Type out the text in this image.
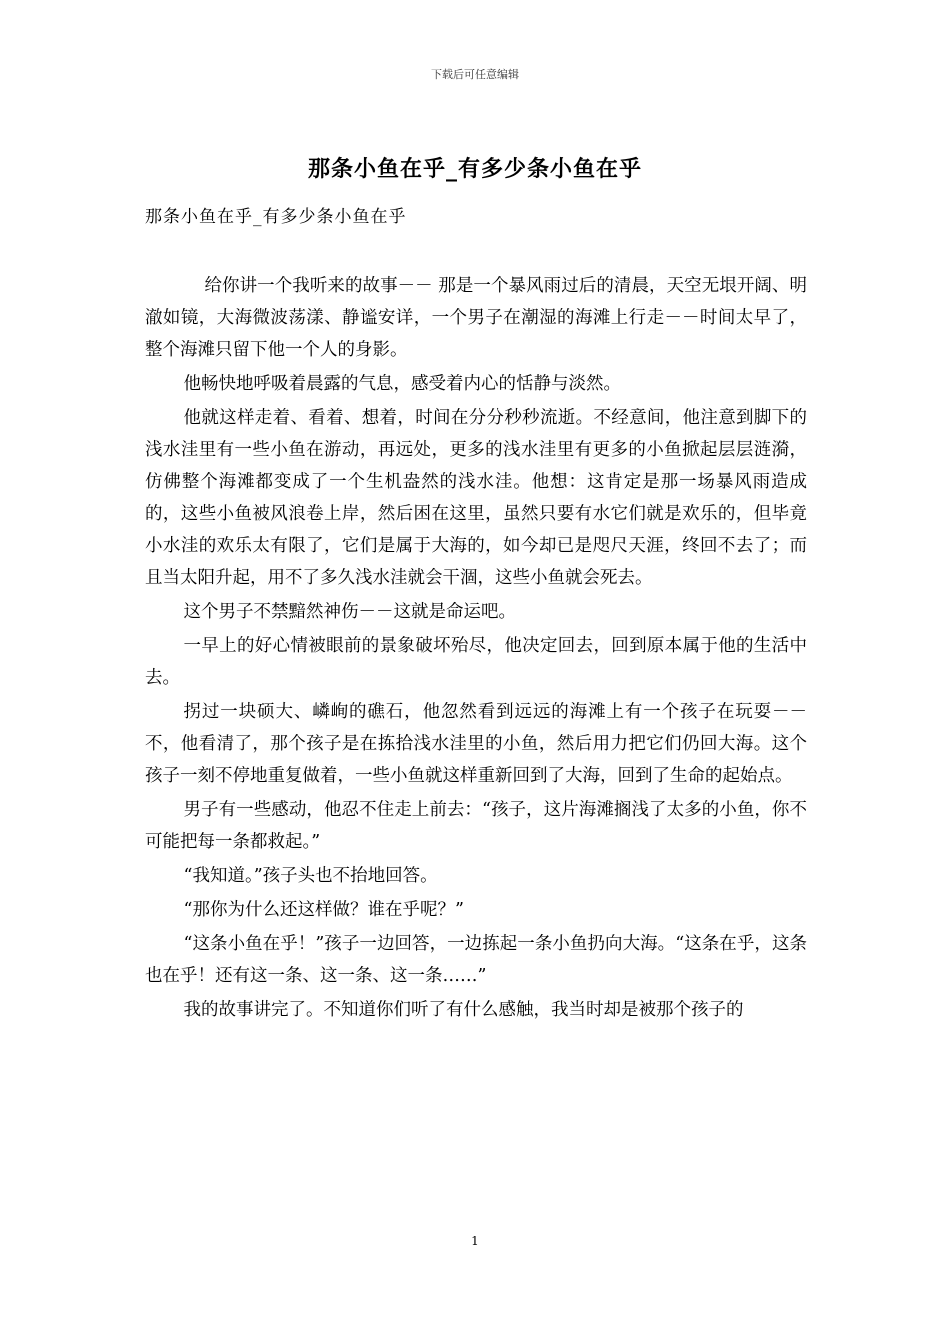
下载后可任意编辑
那条小鱼在乎_有多少条小鱼在乎
那条小鱼在乎_有多少条小鱼在乎

给你讲一个我听来的故事－－ 那是一个暴风雨过后的清晨，天空无垠开阔、明澈如镜，大海微波荡漾、静谧安详，一个男子在潮湿的海滩上行走－－时间太早了，整个海滩只留下他一个人的身影。

他畅快地呼吸着晨露的气息，感受着内心的恬静与淡然。

他就这样走着、看着、想着，时间在分分秒秒流逝。不经意间，他注意到脚下的浅水洼里有一些小鱼在游动，再远处，更多的浅水洼里有更多的小鱼掀起层层涟漪，仿佛整个海滩都变成了一个生机盎然的浅水洼。他想：这肯定是那一场暴风雨造成的，这些小鱼被风浪卷上岸，然后困在这里，虽然只要有水它们就是欢乐的，但毕竟小水洼的欢乐太有限了，它们是属于大海的，如今却已是咫尺天涯，终回不去了；而且当太阳升起，用不了多久浅水洼就会干涸，这些小鱼就会死去。

这个男子不禁黯然神伤－－这就是命运吧。

一早上的好心情被眼前的景象破坏殆尽，他决定回去，回到原本属于他的生活中去。

拐过一块硕大、嶙峋的礁石，他忽然看到远远的海滩上有一个孩子在玩耍－－不，他看清了，那个孩子是在拣拾浅水洼里的小鱼，然后用力把它们仍回大海。这个孩子一刻不停地重复做着，一些小鱼就这样重新回到了大海，回到了生命的起始点。

男子有一些感动，他忍不住走上前去：“孩子，这片海滩搁浅了太多的小鱼，你不可能把每一条都救起。”

“我知道。”孩子头也不抬地回答。

“那你为什么还这样做？谁在乎呢？”

“这条小鱼在乎！”孩子一边回答，一边拣起一条小鱼扔向大海。“这条在乎，这条也在乎！还有这一条、这一条、这一条……”

我的故事讲完了。不知道你们听了有什么感触，我当时却是被那个孩子的

1
